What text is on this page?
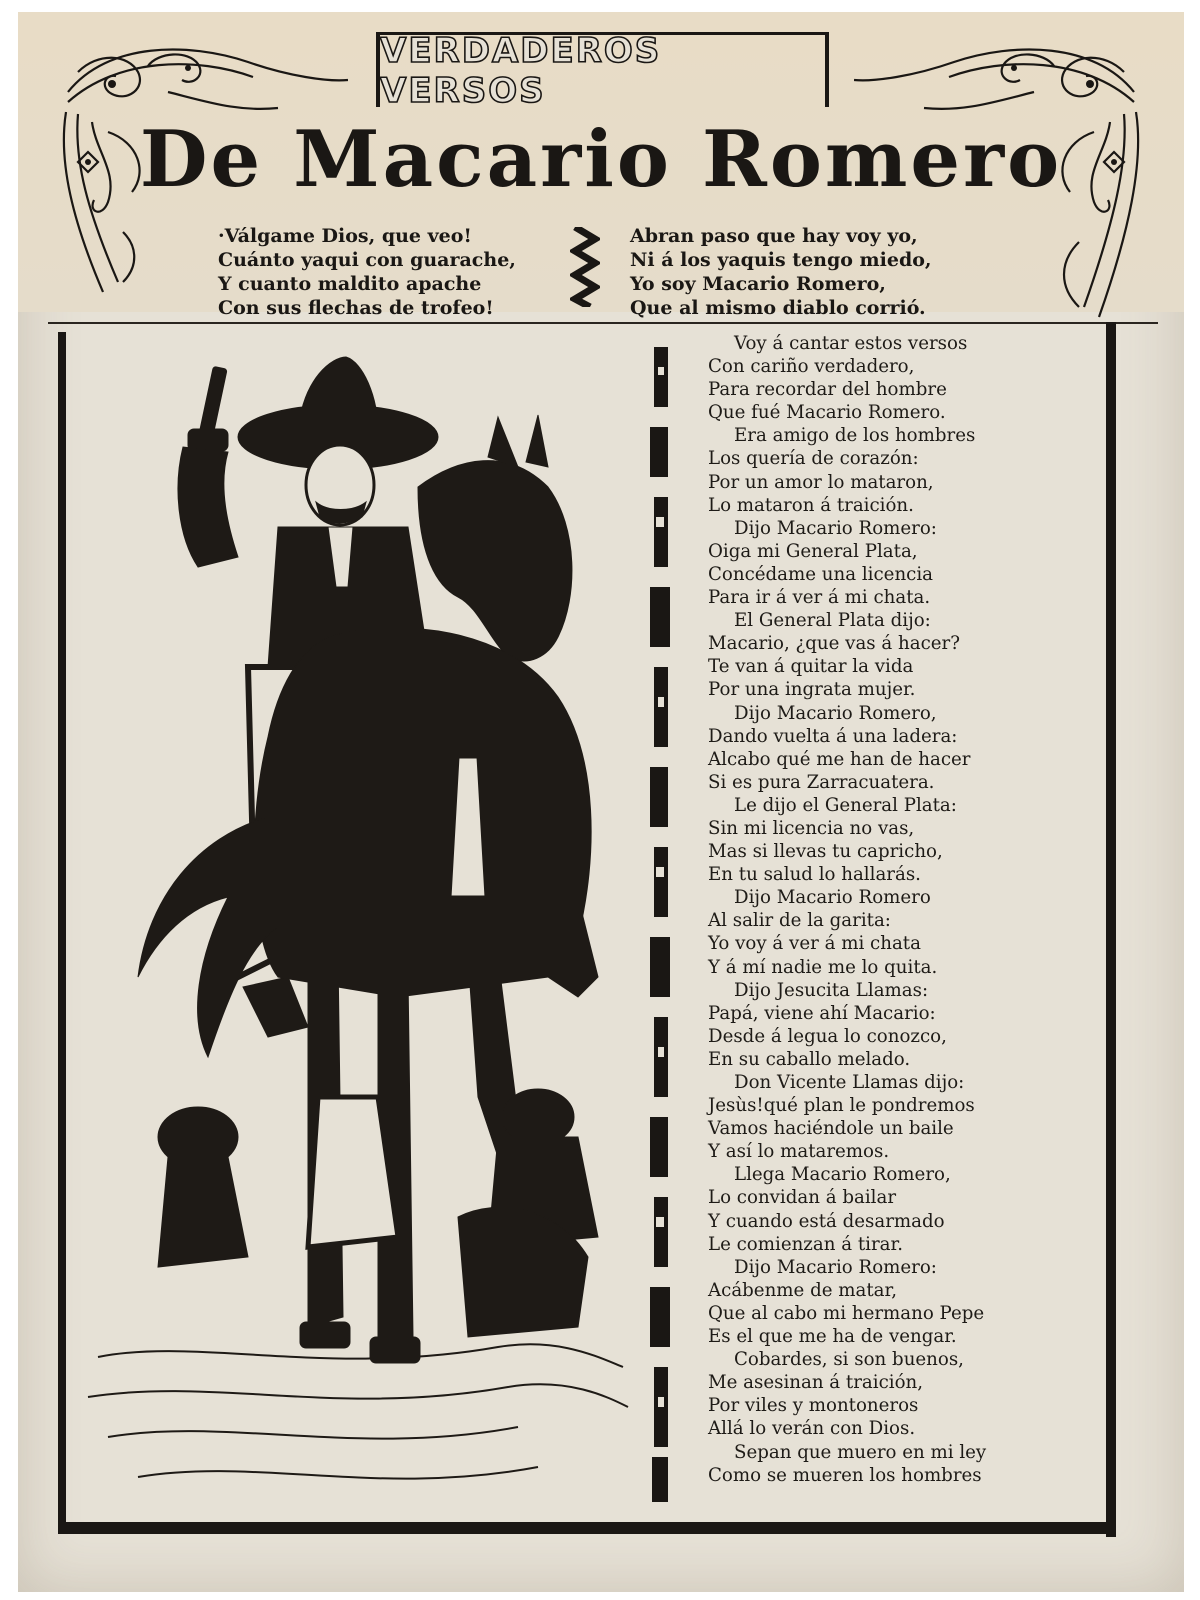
VERDADEROS VERSOS
De Macario Romero
·Válgame Dios, que veo!
Cuánto yaqui con guarache,
Y cuanto maldito apache
Con sus flechas de trofeo!
Abran paso que hay voy yo,
Ni á los yaquis tengo miedo,
Yo soy Macario Romero,
Que al mismo diablo corrió.
Voy á cantar estos versos
Con cariño verdadero,
Para recordar del hombre
Que fué Macario Romero.
Era amigo de los hombres
Los quería de corazón:
Por un amor lo mataron,
Lo mataron á traición.
Dijo Macario Romero:
Oiga mi General Plata,
Concédame una licencia
Para ir á ver á mi chata.
El General Plata dijo:
Macario, ¿que vas á hacer?
Te van á quitar la vida
Por una ingrata mujer.
Dijo Macario Romero,
Dando vuelta á una ladera:
Alcabo qué me han de hacer
Si es pura Zarracuatera.
Le dijo el General Plata:
Sin mi licencia no vas,
Mas si llevas tu capricho,
En tu salud lo hallarás.
Dijo Macario Romero
Al salir de la garita:
Yo voy á ver á mi chata
Y á mí nadie me lo quita.
Dijo Jesucita Llamas:
Papá, viene ahí Macario:
Desde á legua lo conozco,
En su caballo melado.
Don Vicente Llamas dijo:
Jesùs!qué plan le pondremos
Vamos haciéndole un baile
Y así lo mataremos.
Llega Macario Romero,
Lo convidan á bailar
Y cuando está desarmado
Le comienzan á tirar.
Dijo Macario Romero:
Acábenme de matar,
Que al cabo mi hermano Pepe
Es el que me ha de vengar.
Cobardes, si son buenos,
Me asesinan á traición,
Por viles y montoneros
Allá lo verán con Dios.
Sepan que muero en mi ley
Como se mueren los hombres
